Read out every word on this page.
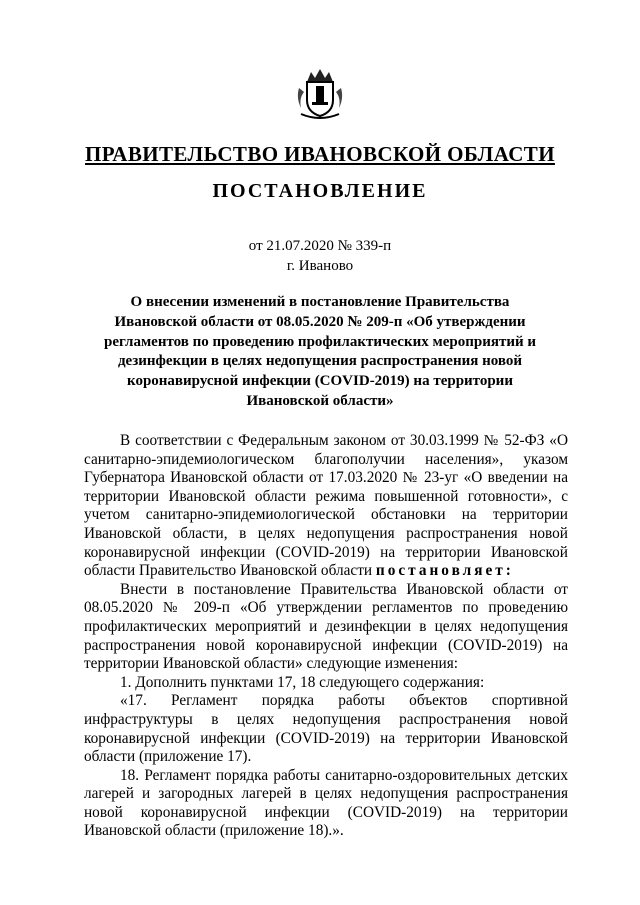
ПРАВИТЕЛЬСТВО ИВАНОВСКОЙ ОБЛАСТИ
ПОСТАНОВЛЕНИЕ
от 21.07.2020 № 339-п
г. Иваново
О внесении изменений в постановление Правительства Ивановской области от 08.05.2020 № 209-п «Об утверждении регламентов по проведению профилактических мероприятий и дезинфекции в целях недопущения распространения новой коронавирусной инфекции (COVID-2019) на территории Ивановской области»

В соответствии с Федеральным законом от 30.03.1999 № 52-ФЗ «О санитарно-эпидемиологическом благополучии населения», указом Губернатора Ивановской области от 17.03.2020 № 23-уг «О введении на территории Ивановской области режима повышенной готовности», с учетом санитарно-эпидемиологической обстановки на территории Ивановской области, в целях недопущения распространения новой коронавирусной инфекции (COVID-2019) на территории Ивановской области Правительство Ивановской области постановляет:

Внести в постановление Правительства Ивановской области от 08.05.2020 № 209-п «Об утверждении регламентов по проведению профилактических мероприятий и дезинфекции в целях недопущения распространения новой коронавирусной инфекции (COVID-2019) на территории Ивановской области» следующие изменения:

1. Дополнить пунктами 17, 18 следующего содержания:

«17. Регламент порядка работы объектов спортивной инфраструктуры в целях недопущения распространения новой коронавирусной инфекции (COVID-2019) на территории Ивановской области (приложение 17).

18. Регламент порядка работы санитарно-оздоровительных детских лагерей и загородных лагерей в целях недопущения распространения новой коронавирусной инфекции (COVID-2019) на территории Ивановской области (приложение 18).».
